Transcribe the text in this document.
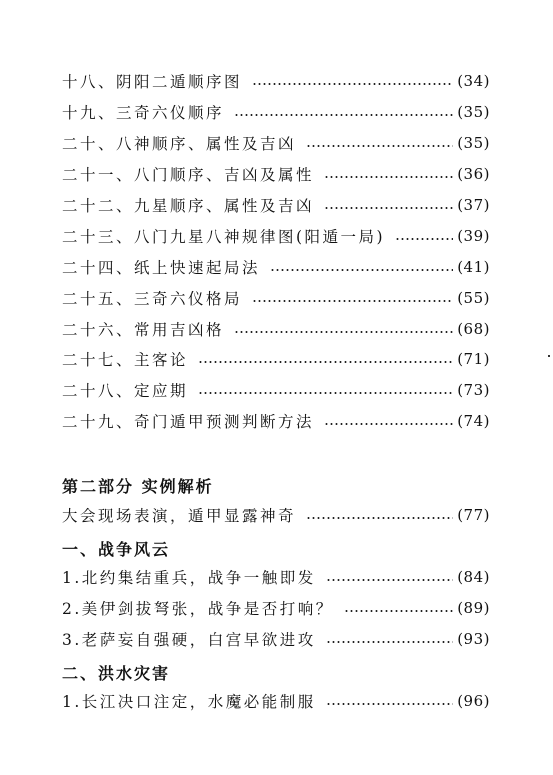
十八、阴阳二遁顺序图	(34)
十九、三奇六仪顺序	(35)
二十、八神顺序、属性及吉凶	(35)
二十一、八门顺序、吉凶及属性	(36)
二十二、九星顺序、属性及吉凶	(37)
二十三、八门九星八神规律图(阳遁一局)	(39)
二十四、纸上快速起局法	(41)
二十五、三奇六仪格局	(55)
二十六、常用吉凶格	(68)
二十七、主客论	(71)
二十八、定应期	(73)
二十九、奇门遁甲预测判断方法	(74)
第二部分 实例解析
大会现场表演，遁甲显露神奇	(77)
一、战争风云
1.北约集结重兵，战争一触即发	(84)
2.美伊剑拔弩张，战争是否打响？	(89)
3.老萨妄自强硬，白宫早欲进攻	(93)
二、洪水灾害
1.长江决口注定，水魔必能制服	(96)
